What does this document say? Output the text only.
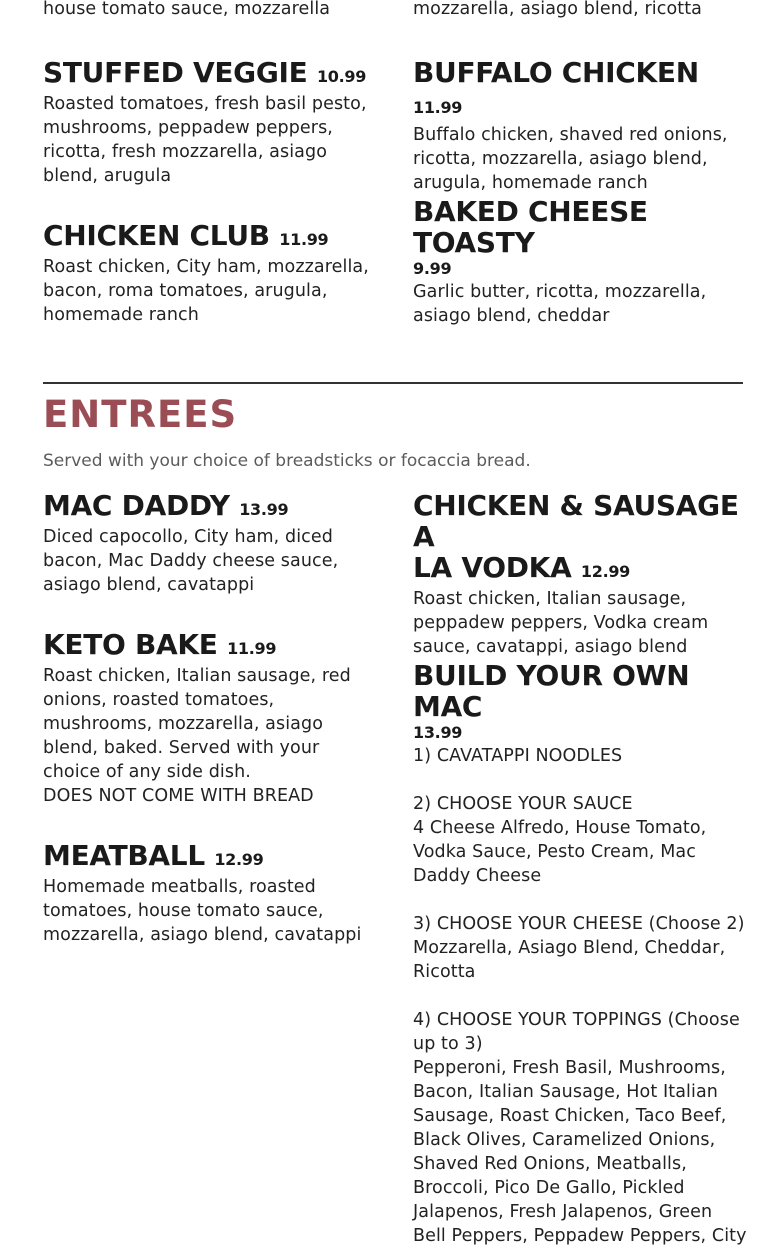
house tomato sauce, mozzarella	mozzarella, asiago blend, ricotta
STUFFED VEGGIE 10.99
Roasted tomatoes, fresh basil pesto,
mushrooms, peppadew peppers,
ricotta, fresh mozzarella, asiago
blend, arugula
BUFFALO CHICKEN 11.99
Buffalo chicken, shaved red onions,
ricotta, mozzarella, asiago blend,
arugula, homemade ranch
CHICKEN CLUB 11.99
Roast chicken, City ham, mozzarella,
bacon, roma tomatoes, arugula,
homemade ranch
BAKED CHEESE TOASTY
9.99
Garlic butter, ricotta, mozzarella,
asiago blend, cheddar
ENTREES
Served with your choice of breadsticks or focaccia bread.
MAC DADDY 13.99
Diced capocollo, City ham, diced
bacon, Mac Daddy cheese sauce,
asiago blend, cavatappi
KETO BAKE 11.99
Roast chicken, Italian sausage, red
onions, roasted tomatoes,
mushrooms, mozzarella, asiago
blend, baked. Served with your
choice of any side dish.
DOES NOT COME WITH BREAD
MEATBALL 12.99
Homemade meatballs, roasted
tomatoes, house tomato sauce,
mozzarella, asiago blend, cavatappi
CHICKEN & SAUSAGE A
LA VODKA 12.99
Roast chicken, Italian sausage,
peppadew peppers, Vodka cream
sauce, cavatappi, asiago blend
BUILD YOUR OWN MAC
13.99
1) CAVATAPPI NOODLES
2) CHOOSE YOUR SAUCE
4 Cheese Alfredo, House Tomato,
Vodka Sauce, Pesto Cream, Mac
Daddy Cheese
3) CHOOSE YOUR CHEESE (Choose 2)
Mozzarella, Asiago Blend, Cheddar,
Ricotta
4) CHOOSE YOUR TOPPINGS (Choose
up to 3)
Pepperoni, Fresh Basil, Mushrooms,
Bacon, Italian Sausage, Hot Italian
Sausage, Roast Chicken, Taco Beef,
Black Olives, Caramelized Onions,
Shaved Red Onions, Meatballs,
Broccoli, Pico De Gallo, Pickled
Jalapenos, Fresh Jalapenos, Green
Bell Peppers, Peppadew Peppers, City
